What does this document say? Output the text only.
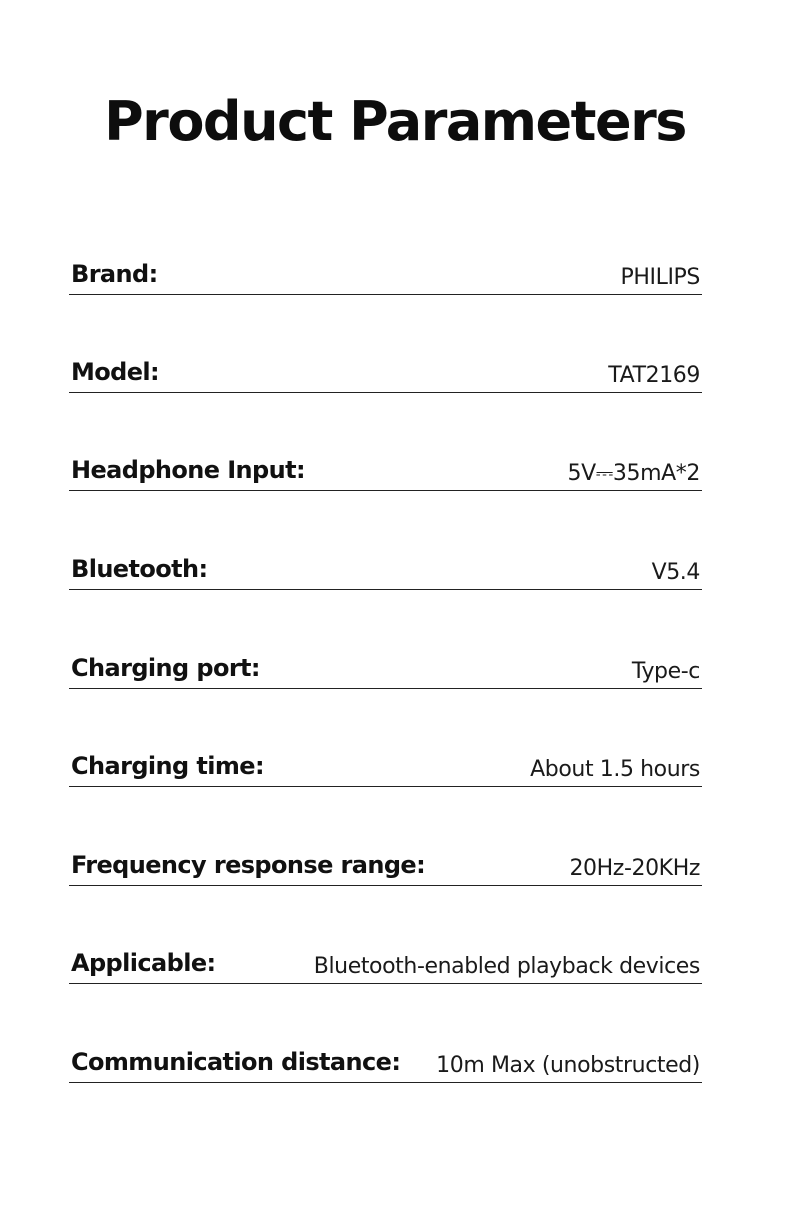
Product Parameters
Brand:	PHILIPS
Model:	TAT2169
Headphone Input:	5V⎓35mA*2
Bluetooth:	V5.4
Charging port:	Type-c
Charging time:	About 1.5 hours
Frequency response range:	20Hz-20KHz
Applicable:	Bluetooth-enabled playback devices
Communication distance: 10m Max (unobstructed)
